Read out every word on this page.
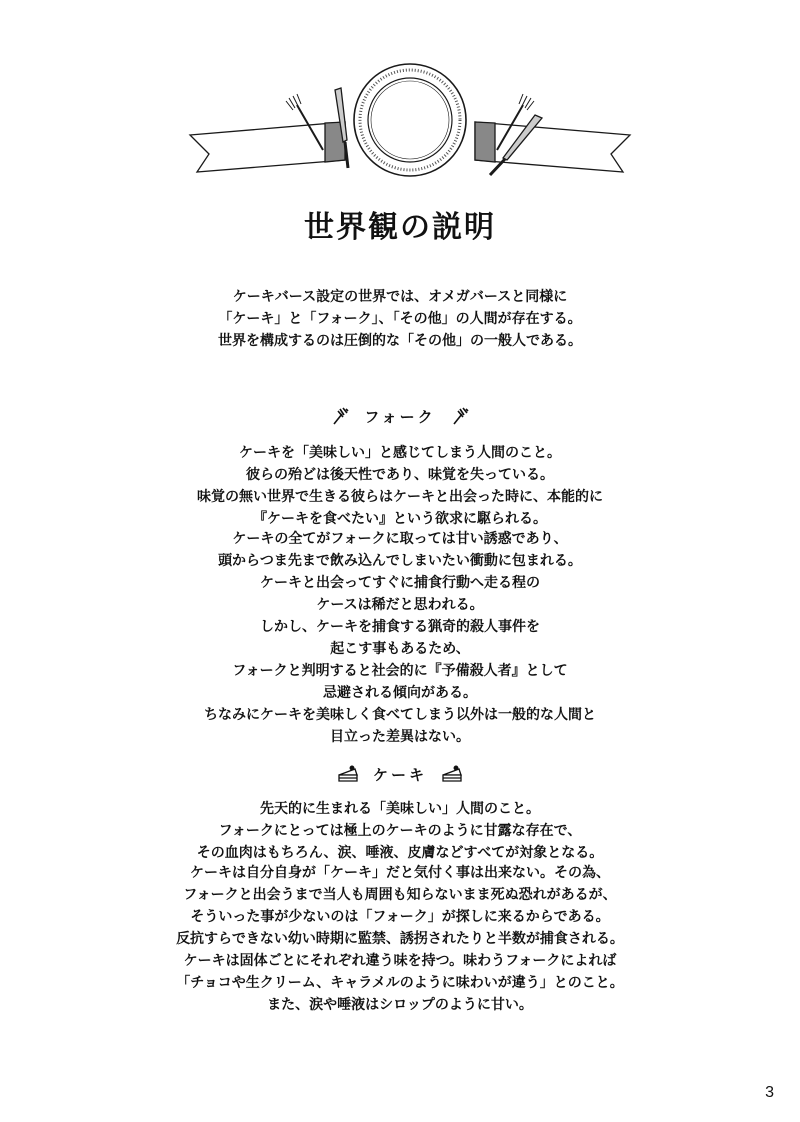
世界観の説明

ケーキバース設定の世界では、オメガバースと同様に
「ケーキ」と「フォーク」、「その他」の人間が存在する。
世界を構成するのは圧倒的な「その他」の一般人である。

フォーク

ケーキを「美味しい」と感じてしまう人間のこと。
彼らの殆どは後天性であり、味覚を失っている。
味覚の無い世界で生きる彼らはケーキと出会った時に、本能的に
『ケーキを食べたい』という欲求に駆られる。

ケーキの全てがフォークに取っては甘い誘惑であり、
頭からつま先まで飲み込んでしまいたい衝動に包まれる。
ケーキと出会ってすぐに捕食行動へ走る程の
ケースは稀だと思われる。
しかし、ケーキを捕食する猟奇的殺人事件を
起こす事もあるため、
フォークと判明すると社会的に『予備殺人者』として
忌避される傾向がある。
ちなみにケーキを美味しく食べてしまう以外は一般的な人間と
目立った差異はない。

ケーキ

先天的に生まれる「美味しい」人間のこと。
フォークにとっては極上のケーキのように甘露な存在で、
その血肉はもちろん、涙、唾液、皮膚などすべてが対象となる。

ケーキは自分自身が「ケーキ」だと気付く事は出来ない。その為、
フォークと出会うまで当人も周囲も知らないまま死ぬ恐れがあるが、
そういった事が少ないのは「フォーク」が探しに来るからである。
反抗すらできない幼い時期に監禁、誘拐されたりと半数が捕食される。

ケーキは固体ごとにそれぞれ違う味を持つ。味わうフォークによれば
「チョコや生クリーム、キャラメルのように味わいが違う」とのこと。
また、涙や唾液はシロップのように甘い。

3
